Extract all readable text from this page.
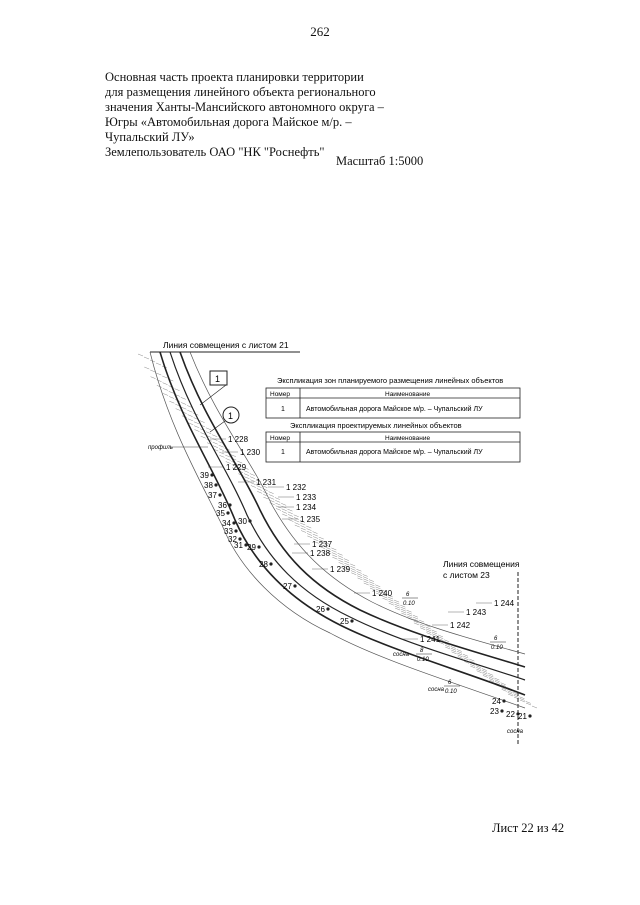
262
Основная часть проекта планировки территории
для размещения линейного объекта регионального
значения Ханты-Мансийского автономного округа –
Югры «Автомобильная дорога Майское м/р. –
Чупальский ЛУ»
Землепользователь ОАО "НК "Роснефть"
Масштаб 1:5000
Линия совмещения с листом 21
Линия совмещения
с листом 23
1
1
Экспликация зон планируемого размещения линейных объектов
Номер	Наименование
1	Автомобильная дорога Майское м/р. – Чупальский ЛУ
Экспликация проектируемых линейных объектов
Номер	Наименование
1	Автомобильная дорога Майское м/р. – Чупальский ЛУ
профиль
сосна
сосна
сосна
6
0.10
6
0.10
8
0.10
6
0.10
1 228
1 230
1 229
1 231
1 232
1 233
1 234
1 235
1 237
1 238
1 239
1 240
1 241
1 242
1 243
1 244
39
38
37
36
35
34 30
33
32
31 29
28
27
26
25
24
23 22 21
Лист 22 из 42
